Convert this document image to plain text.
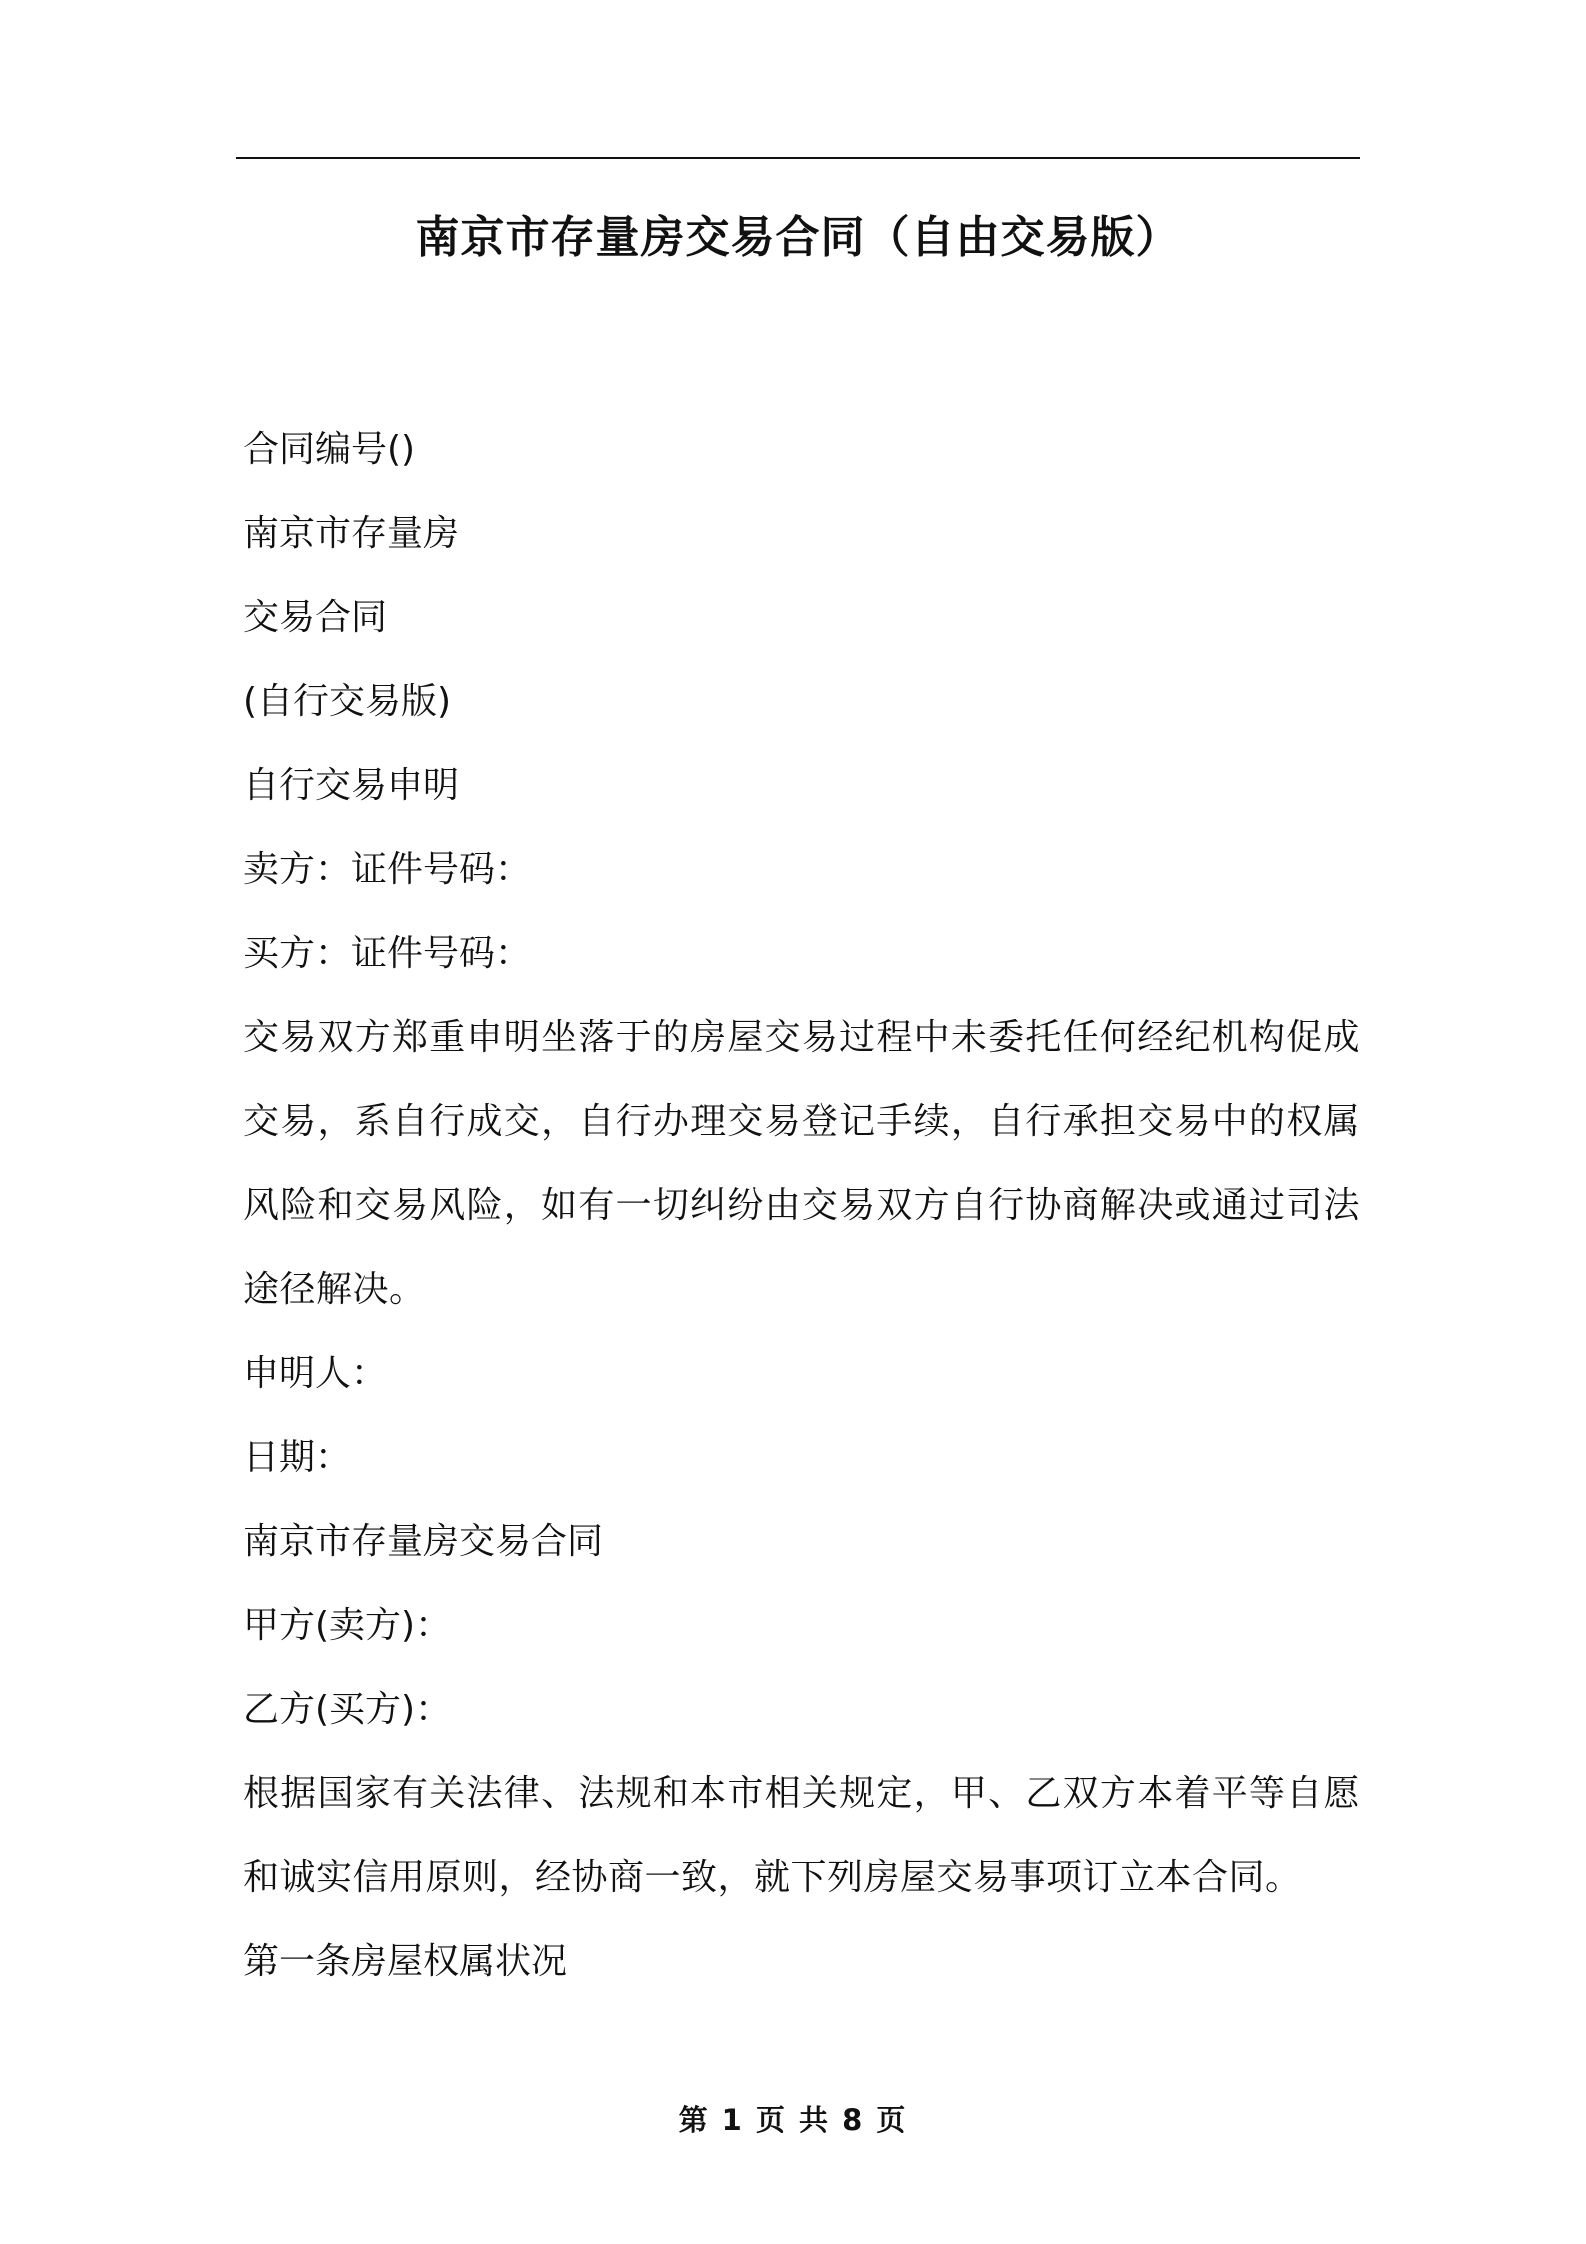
南京市存量房交易合同（自由交易版）

合同编号()

南京市存量房

交易合同

(自行交易版)

自行交易申明

卖方：证件号码：

买方：证件号码：

交易双方郑重申明坐落于的房屋交易过程中未委托任何经纪机构促成交易，系自行成交，自行办理交易登记手续，自行承担交易中的权属风险和交易风险，如有一切纠纷由交易双方自行协商解决或通过司法途径解决。

申明人：

日期：

南京市存量房交易合同

甲方(卖方)：

乙方(买方)：

根据国家有关法律、法规和本市相关规定，甲、乙双方本着平等自愿和诚实信用原则，经协商一致，就下列房屋交易事项订立本合同。

第一条房屋权属状况

第 1 页 共 8 页
